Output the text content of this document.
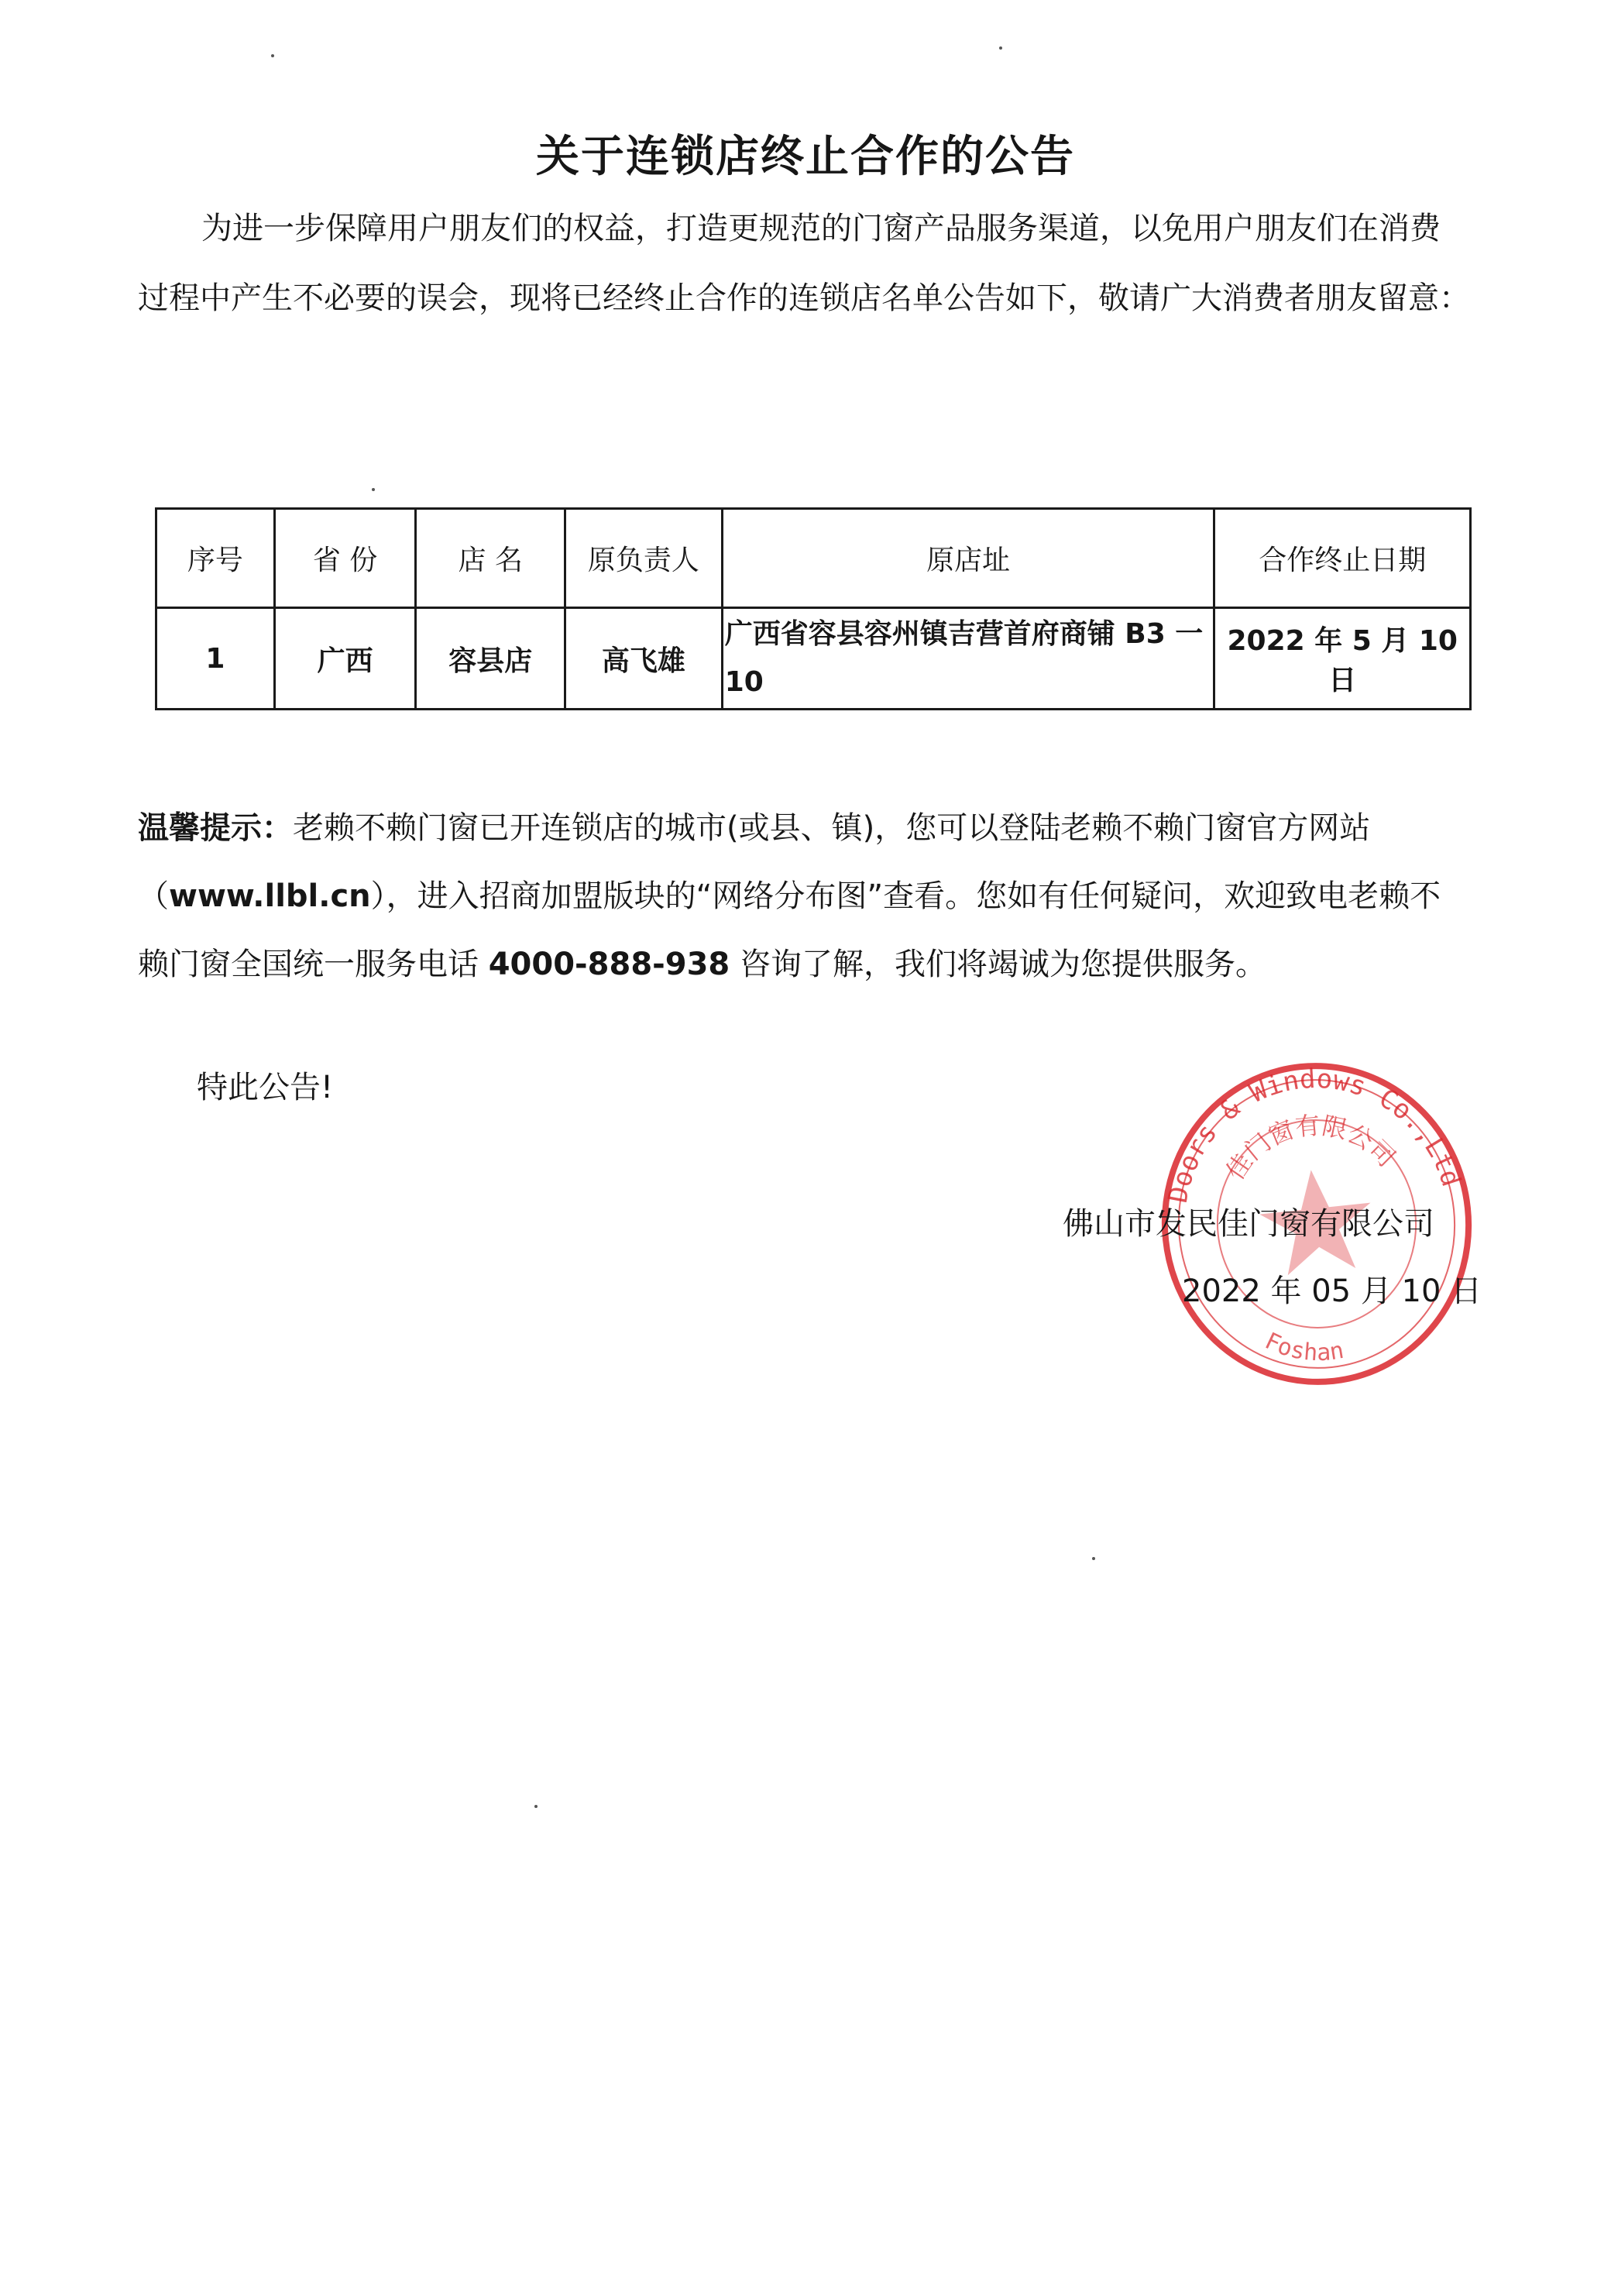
关于连锁店终止合作的公告
为进一步保障用户朋友们的权益，打造更规范的门窗产品服务渠道，以免用户朋友们在消费过程中产生不必要的误会，现将已经终止合作的连锁店名单公告如下，敬请广大消费者朋友留意：
序号	省 份	店 名	原负责人	原店址	合作终止日期
1	广西	容县店	高飞雄	广西省容县容州镇吉营首府商铺 B3 一 10	2022 年 5 月 10 日
温馨提示：老赖不赖门窗已开连锁店的城市(或县、镇)，您可以登陆老赖不赖门窗官方网站（www.llbl.cn），进入招商加盟版块的“网络分布图”查看。您如有任何疑问，欢迎致电老赖不赖门窗全国统一服务电话 4000-888-938 咨询了解，我们将竭诚为您提供服务。
特此公告!
Doors & Windows Co.,Ltd
Foshan
佳门窗有限公司
佛山市发民佳门窗有限公司
2022 年 05 月 10 日
